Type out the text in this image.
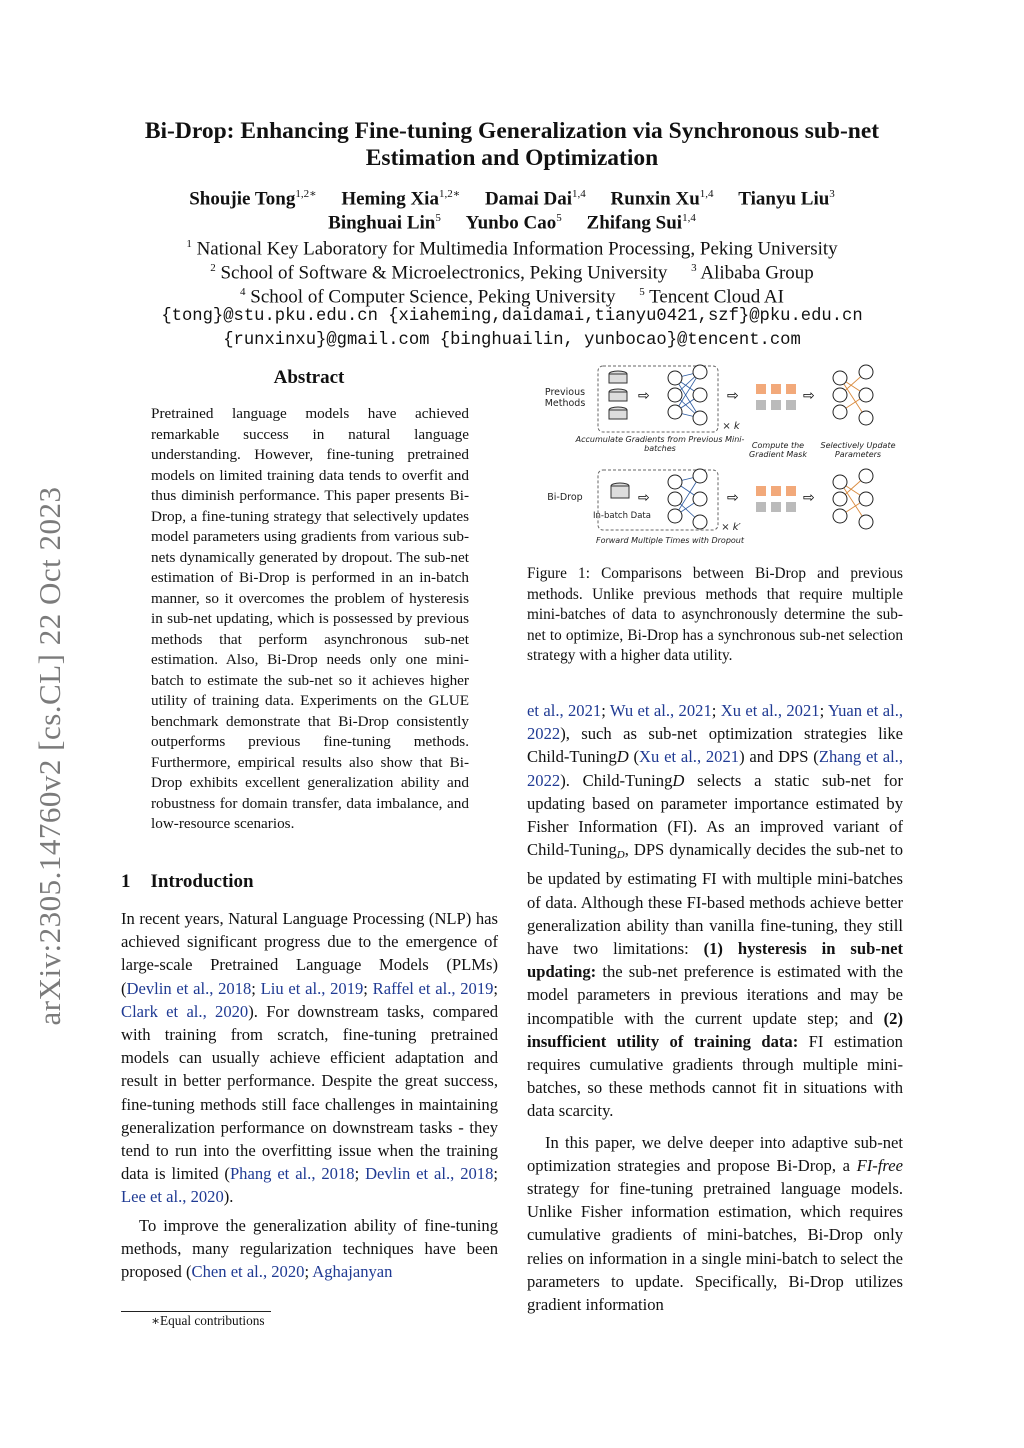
arXiv:2305.14760v2 [cs.CL] 22 Oct 2023
Bi-Drop: Enhancing Fine-tuning Generalization via Synchronous sub-net
Estimation and Optimization
Shoujie Tong$^{1,2∗}$ Heming Xia$^{1,2∗}$ Damai Dai$^{1,4}$ Runxin Xu$^{1,4}$ Tianyu Liu$^3$
Binghuai Lin$^5$ Yunbo Cao$^5$ Zhifang Sui$^{1,4}$
$^1$ National Key Laboratory for Multimedia Information Processing, Peking University
$^2$ School of Software & Microelectronics, Peking University $^3$ Alibaba Group
$^4$ School of Computer Science, Peking University $^5$ Tencent Cloud AI
{tong}@stu.pku.edu.cn {xiaheming,daidamai,tianyu0421,szf}@pku.edu.cn
{runxinxu}@gmail.com {binghuailin, yunbocao}@tencent.com
Abstract
Pretrained language models have achieved remarkable success in natural language understanding. However, fine-tuning pretrained models on limited training data tends to overfit and thus diminish performance. This paper presents Bi-Drop, a fine-tuning strategy that selectively updates model parameters using gradients from various sub-nets dynamically generated by dropout. The sub-net estimation of Bi-Drop is performed in an in-batch manner, so it overcomes the problem of hysteresis in sub-net updating, which is possessed by previous methods that perform asynchronous sub-net estimation. Also, Bi-Drop needs only one mini-batch to estimate the sub-net so it achieves higher utility of training data. Experiments on the GLUE benchmark demonstrate that Bi-Drop consistently outperforms previous fine-tuning methods. Furthermore, empirical results also show that Bi-Drop exhibits excellent generalization ability and robustness for domain transfer, data imbalance, and low-resource scenarios.
1 Introduction

In recent years, Natural Language Processing (NLP) has achieved significant progress due to the emergence of large-scale Pretrained Language Models (PLMs) (Devlin et al., 2018; Liu et al., 2019; Raffel et al., 2019; Clark et al., 2020). For downstream tasks, compared with training from scratch, fine-tuning pretrained models can usually achieve efficient adaptation and result in better performance. Despite the great success, fine-tuning methods still face challenges in maintaining generalization performance on downstream tasks - they tend to run into the overfitting issue when the training data is limited (Phang et al., 2018; Devlin et al., 2018; Lee et al., 2020).

To improve the generalization ability of fine-tuning methods, many regularization techniques have been proposed (Chen et al., 2020; Aghajanyan

∗Equal contributions
⇨	⇨	⇨
⇨	⇨	⇨
Previous
Methods
Bi-Drop
In-batch Data
× k
× k′
Accumulate Gradients from Previous Mini-batches
Forward Multiple Times with Dropout
Compute the
Gradient Mask
Selectively Update
Parameters
Figure 1: Comparisons between Bi-Drop and previous methods. Unlike previous methods that require multiple mini-batches of data to asynchronously determine the sub-net to optimize, Bi-Drop has a synchronous sub-net selection strategy with a higher data utility.

et al., 2021; Wu et al., 2021; Xu et al., 2021; Yuan et al., 2022), such as sub-net optimization strategies like Child-TuningD (Xu et al., 2021) and DPS (Zhang et al., 2022). Child-TuningD selects a static sub-net for updating based on parameter importance estimated by Fisher Information (FI). As an improved variant of Child-TuningD, DPS dynamically decides the sub-net to be updated by estimating FI with multiple mini-batches of data. Although these FI-based methods achieve better generalization ability than vanilla fine-tuning, they still have two limitations: (1) hysteresis in sub-net updating: the sub-net preference is estimated with the model parameters in previous iterations and may be incompatible with the current update step; and (2) insufficient utility of training data: FI estimation requires cumulative gradients through multiple mini-batches, so these methods cannot fit in situations with data scarcity.

In this paper, we delve deeper into adaptive sub-net optimization strategies and propose Bi-Drop, a FI-free strategy for fine-tuning pretrained language models. Unlike Fisher information estimation, which requires cumulative gradients of mini-batches, Bi-Drop only relies on information in a single mini-batch to select the parameters to update. Specifically, Bi-Drop utilizes gradient information
